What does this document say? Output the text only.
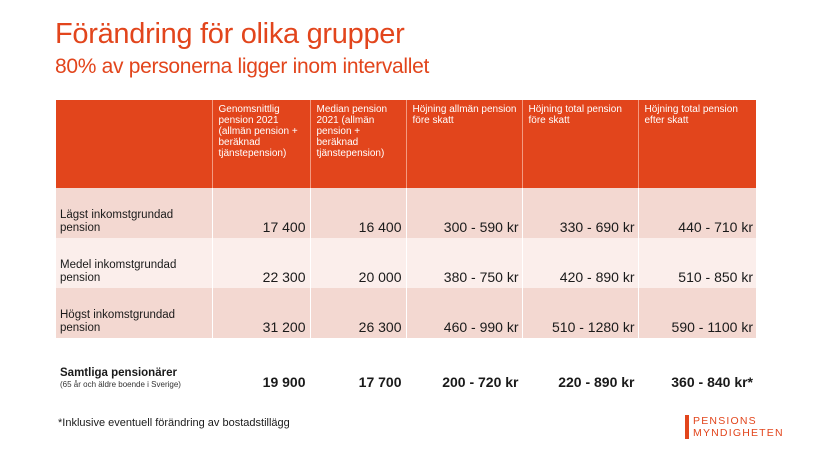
Förändring för olika grupper
80% av personerna ligger inom intervallet
	Genomsnittlig pension 2021 (allmän pension + beräknad tjänstepension)	Median pension 2021 (allmän pension + beräknad tjänstepension)	Höjning allmän pension före skatt	Höjning total pension före skatt	Höjning total pension efter skatt
Lägst inkomstgrundad pension	17 400	16 400	300 - 590 kr	330 - 690 kr	440 - 710 kr
Medel inkomstgrundad pension	22 300	20 000	380 - 750 kr	420 - 890 kr	510 - 850 kr
Högst inkomstgrundad pension	31 200	26 300	460 - 990 kr	510 - 1280 kr	590 - 1100 kr
Samtliga pensionärer
(65 år och äldre boende i Sverige)	19 900	17 700	200 - 720 kr	220 - 890 kr	360 - 840 kr*
*Inklusive eventuell förändring av bostadstillägg	PENSIONS
MYNDIGHETEN
